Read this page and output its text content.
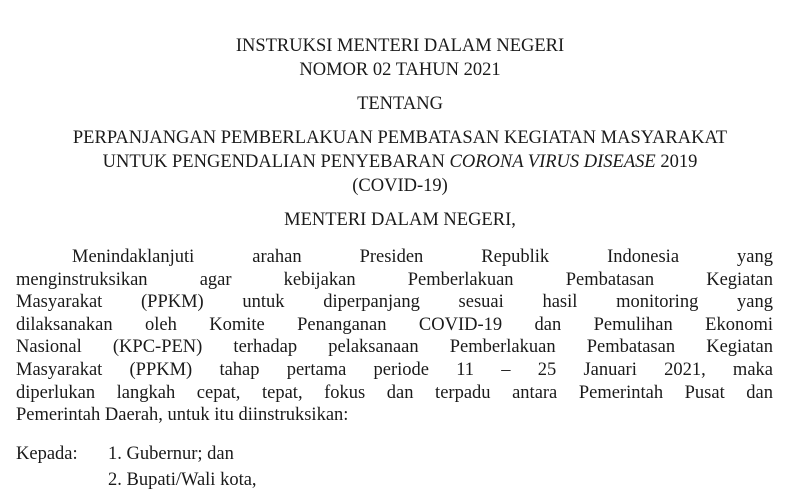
INSTRUKSI MENTERI DALAM NEGERI
NOMOR 02 TAHUN 2021
TENTANG
PERPANJANGAN PEMBERLAKUAN PEMBATASAN KEGIATAN MASYARAKAT
UNTUK PENGENDALIAN PENYEBARAN CORONA VIRUS DISEASE 2019
(COVID-19)
MENTERI DALAM NEGERI,
Menindaklanjuti arahan Presiden Republik Indonesia yang
menginstruksikan agar kebijakan Pemberlakuan Pembatasan Kegiatan
Masyarakat (PPKM) untuk diperpanjang sesuai hasil monitoring yang
dilaksanakan oleh Komite Penanganan COVID-19 dan Pemulihan Ekonomi
Nasional (KPC-PEN) terhadap pelaksanaan Pemberlakuan Pembatasan Kegiatan
Masyarakat (PPKM) tahap pertama periode 11 – 25 Januari 2021, maka
diperlukan langkah cepat, tepat, fokus dan terpadu antara Pemerintah Pusat dan
Pemerintah Daerah, untuk itu diinstruksikan:
Kepada: 1. Gubernur; dan
2. Bupati/Wali kota,
